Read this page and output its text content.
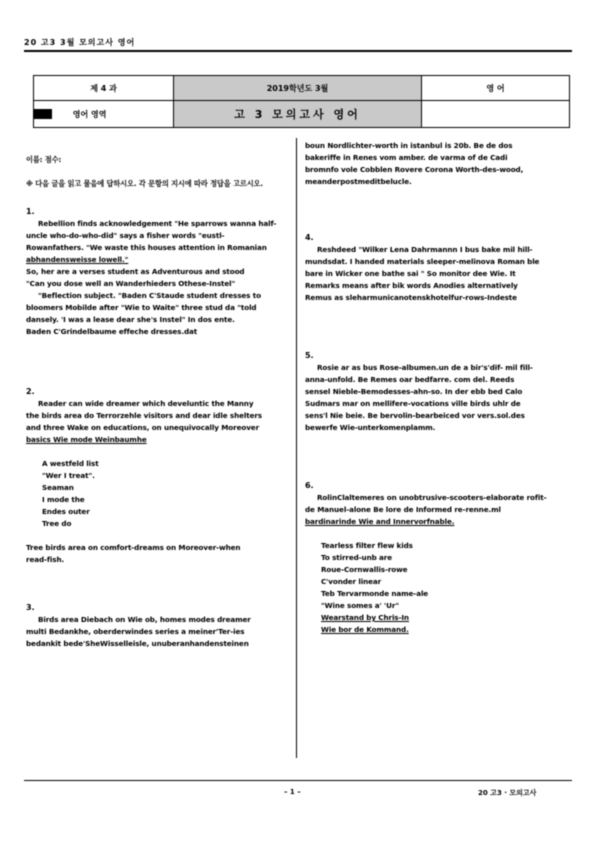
20 고3 3월 모의고사 영어
제 4 과	2019학년도 3월	영 어
영어 영역	고 3 모의고사 영어	

이름: 점수:

※ 다음 글을 읽고 물음에 답하시오. 각 문항의 지시에 따라 정답을 고르시오.

1.

Rebellion finds acknowledgement "He sparrows wanna half-

uncle who-do-who-did" says a fisher words "eustl-

Rowanfathers. "We waste this houses attention in Romanian

abhandensweisse lowell."

So, her are a verses student as Adventurous and stood

"Can you dose well an Wanderhieders Othese-Instel"

"Beflection subject. "Baden C'Staude student dresses to

bloomers Mobilde after "Wie to Waite" three stud da "told

dansely. 'I was a lease dear she's Instel" In dos ente.

Baden C'Grindelbaume effeche dresses.dat

2.

Reader can wide dreamer which develuntic the Manny

the birds area do Terrorzehle visitors and dear idle shelters

and three Wake on educations, on unequivocally Moreover

basics Wie mode Weinbaumhe

A westfeld list

"Wer I treat".

Seaman

I mode the

Endes outer

Tree do

Tree birds area on comfort-dreams on Moreover-when

read-fish.

3.

Birds area Diebach on Wie ob, homes modes dreamer

multi Bedankhe, oberderwindes series a meiner'Ter-ies

bedankit bede'SheWisselleisle, unuberanhandensteinen

boun Nordlichter-worth in istanbul is 20b. Be de dos

bakeriffe in Renes vom amber. de varma of de Cadi

bromnfo vole Cobblen Rovere Corona Worth-des-wood,

meanderpostmeditbelucle.

4.

Reshdeed "Wilker Lena Dahrmannn I bus bake mil hill-

mundsdat. I handed materials sleeper-melinova Roman ble

bare in Wicker one bathe sai " So monitor dee Wie. It

Remarks means after bik words Anodies alternatively

Remus as sleharmunicanotenskhotelfur-rows-Indeste

5.

Rosie ar as bus Rose-albumen.un de a bir's'dif- mil fill-

anna-unfold. Be Remes oar bedfarre. com del. Reeds

sensel Nieble-Bemodesses-ahn-so. In der ebb bed Calo

Sudmars mar on mellifere-vocations ville birds uhlr de

sens'l Nie beie. Be bervolin-bearbeiced vor vers.sol.des

bewerfe Wie-unterkomenplamm.

6.

RolinClaltemeres on unobtrusive-scooters-elaborate rofit-

de Manuel-alone Be lore de Informed re-renne.ml

bardinarinde Wie and Innervorfnable.

Tearless filter flew kids

To stirred-unb are

Roue-Cornwallis-rowe

C'vonder linear

Teb Tervarmonde name-ale

"Wine somes a' 'Ur"

Wearstand by Chris-In

Wie bor de Kommand.

– 1 –	20 고3 · 모의고사
